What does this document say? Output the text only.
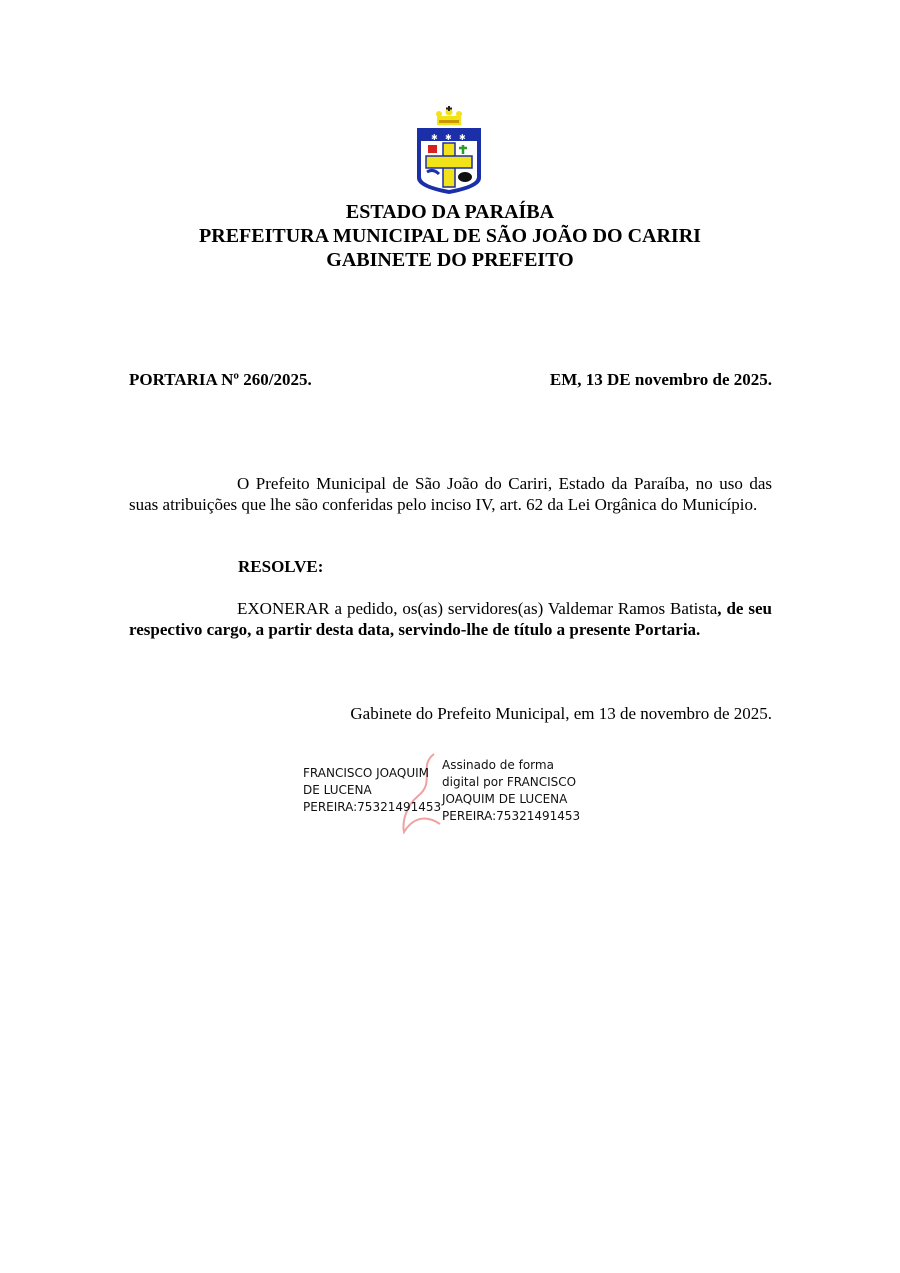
✱ ✱ ✱
ESTADO DA PARAÍBA
PREFEITURA MUNICIPAL DE SÃO JOÃO DO CARIRI
GABINETE DO PREFEITO
PORTARIA Nº 260/2025.	EM, 13 DE novembro de 2025.
O Prefeito Municipal de São João do Cariri, Estado da Paraíba, no uso das suas atribuições que lhe são conferidas pelo inciso IV, art. 62 da Lei Orgânica do Município.
RESOLVE:
EXONERAR a pedido, os(as) servidores(as) Valdemar Ramos Batista, de seu respectivo cargo, a partir desta data, servindo-lhe de título a presente Portaria.
Gabinete do Prefeito Municipal, em 13 de novembro de 2025.
FRANCISCO JOAQUIM
DE LUCENA
PEREIRA:75321491453
Assinado de forma
digital por FRANCISCO
JOAQUIM DE LUCENA
PEREIRA:75321491453
